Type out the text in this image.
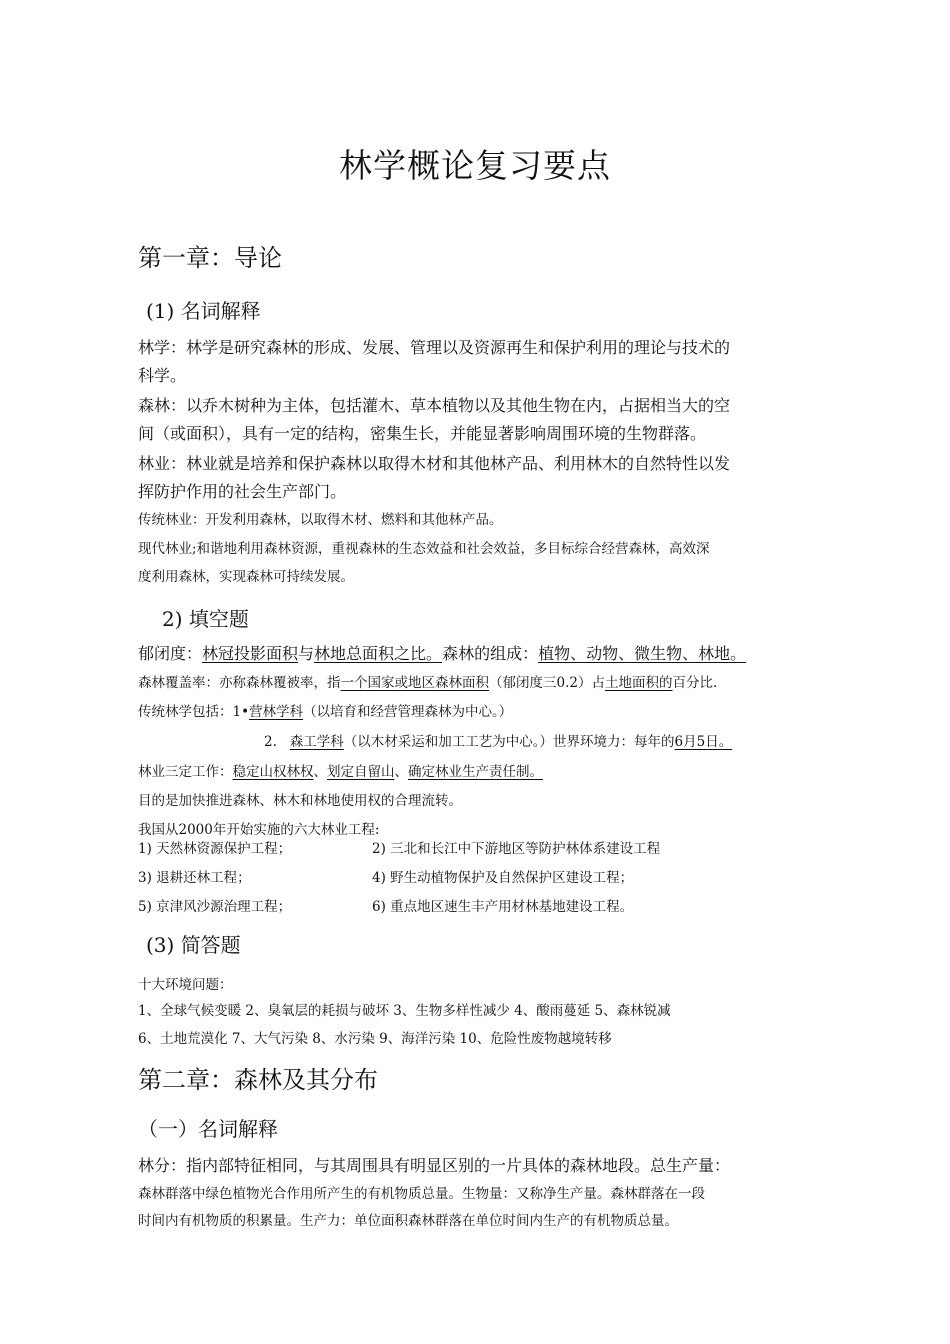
林学概论复习要点
第一章：导论
(1) 名词解释
林学：林学是研究森林的形成、发展、管理以及资源再生和保护利用的理论与技术的
科学。
森林：以乔木树种为主体，包括灌木、草本植物以及其他生物在内，占据相当大的空
间（或面积），具有一定的结构，密集生长，并能显著影响周围环境的生物群落。
林业：林业就是培养和保护森林以取得木材和其他林产品、利用林木的自然特性以发
挥防护作用的社会生产部门。
传统林业：开发利用森林，以取得木材、燃料和其他林产品。
现代林业;和谐地利用森林资源，重视森林的生态效益和社会效益，多目标综合经营森林，高效深
度利用森林，实现森林可持续发展。
2) 填空题
郁闭度：林冠投影面积与林地总面积之比。森林的组成：植物、动物、微生物、林地。
森林覆盖率：亦称森林覆被率，指一个国家或地区森林面积（郁闭度三0.2）占土地面积的百分比.
传统林学包括：1•营林学科（以培育和经营管理森林为中心。）
2. 森工学科（以木材采运和加工工艺为中心。）世界环境力：每年的6月5日。
林业三定工作：稳定山权林权、划定自留山、确定林业生产责任制。
目的是加快推进森林、林木和林地使用权的合理流转。
我国从2000年开始实施的六大林业工程:
1) 天然林资源保护工程；	2) 三北和长江中下游地区等防护林体系建设工程
3) 退耕还林工程；	4) 野生动植物保护及自然保护区建设工程；
5) 京津风沙源治理工程；	6) 重点地区速生丰产用材林基地建设工程。
(3) 简答题
十大环境问题：
1、全球气候变暖 2、臭氧层的耗损与破坏 3、生物多样性减少 4、酸雨蔓延 5、森林锐减
6、土地荒漠化 7、大气污染 8、水污染 9、海洋污染 10、危险性废物越境转移
第二章：森林及其分布
（一）名词解释
林分：指内部特征相同，与其周围具有明显区别的一片具体的森林地段。总生产量：
森林群落中绿色植物光合作用所产生的有机物质总量。生物量：又称净生产量。森林群落在一段
时间内有机物质的积累量。生产力：单位面积森林群落在单位时间内生产的有机物质总量。
